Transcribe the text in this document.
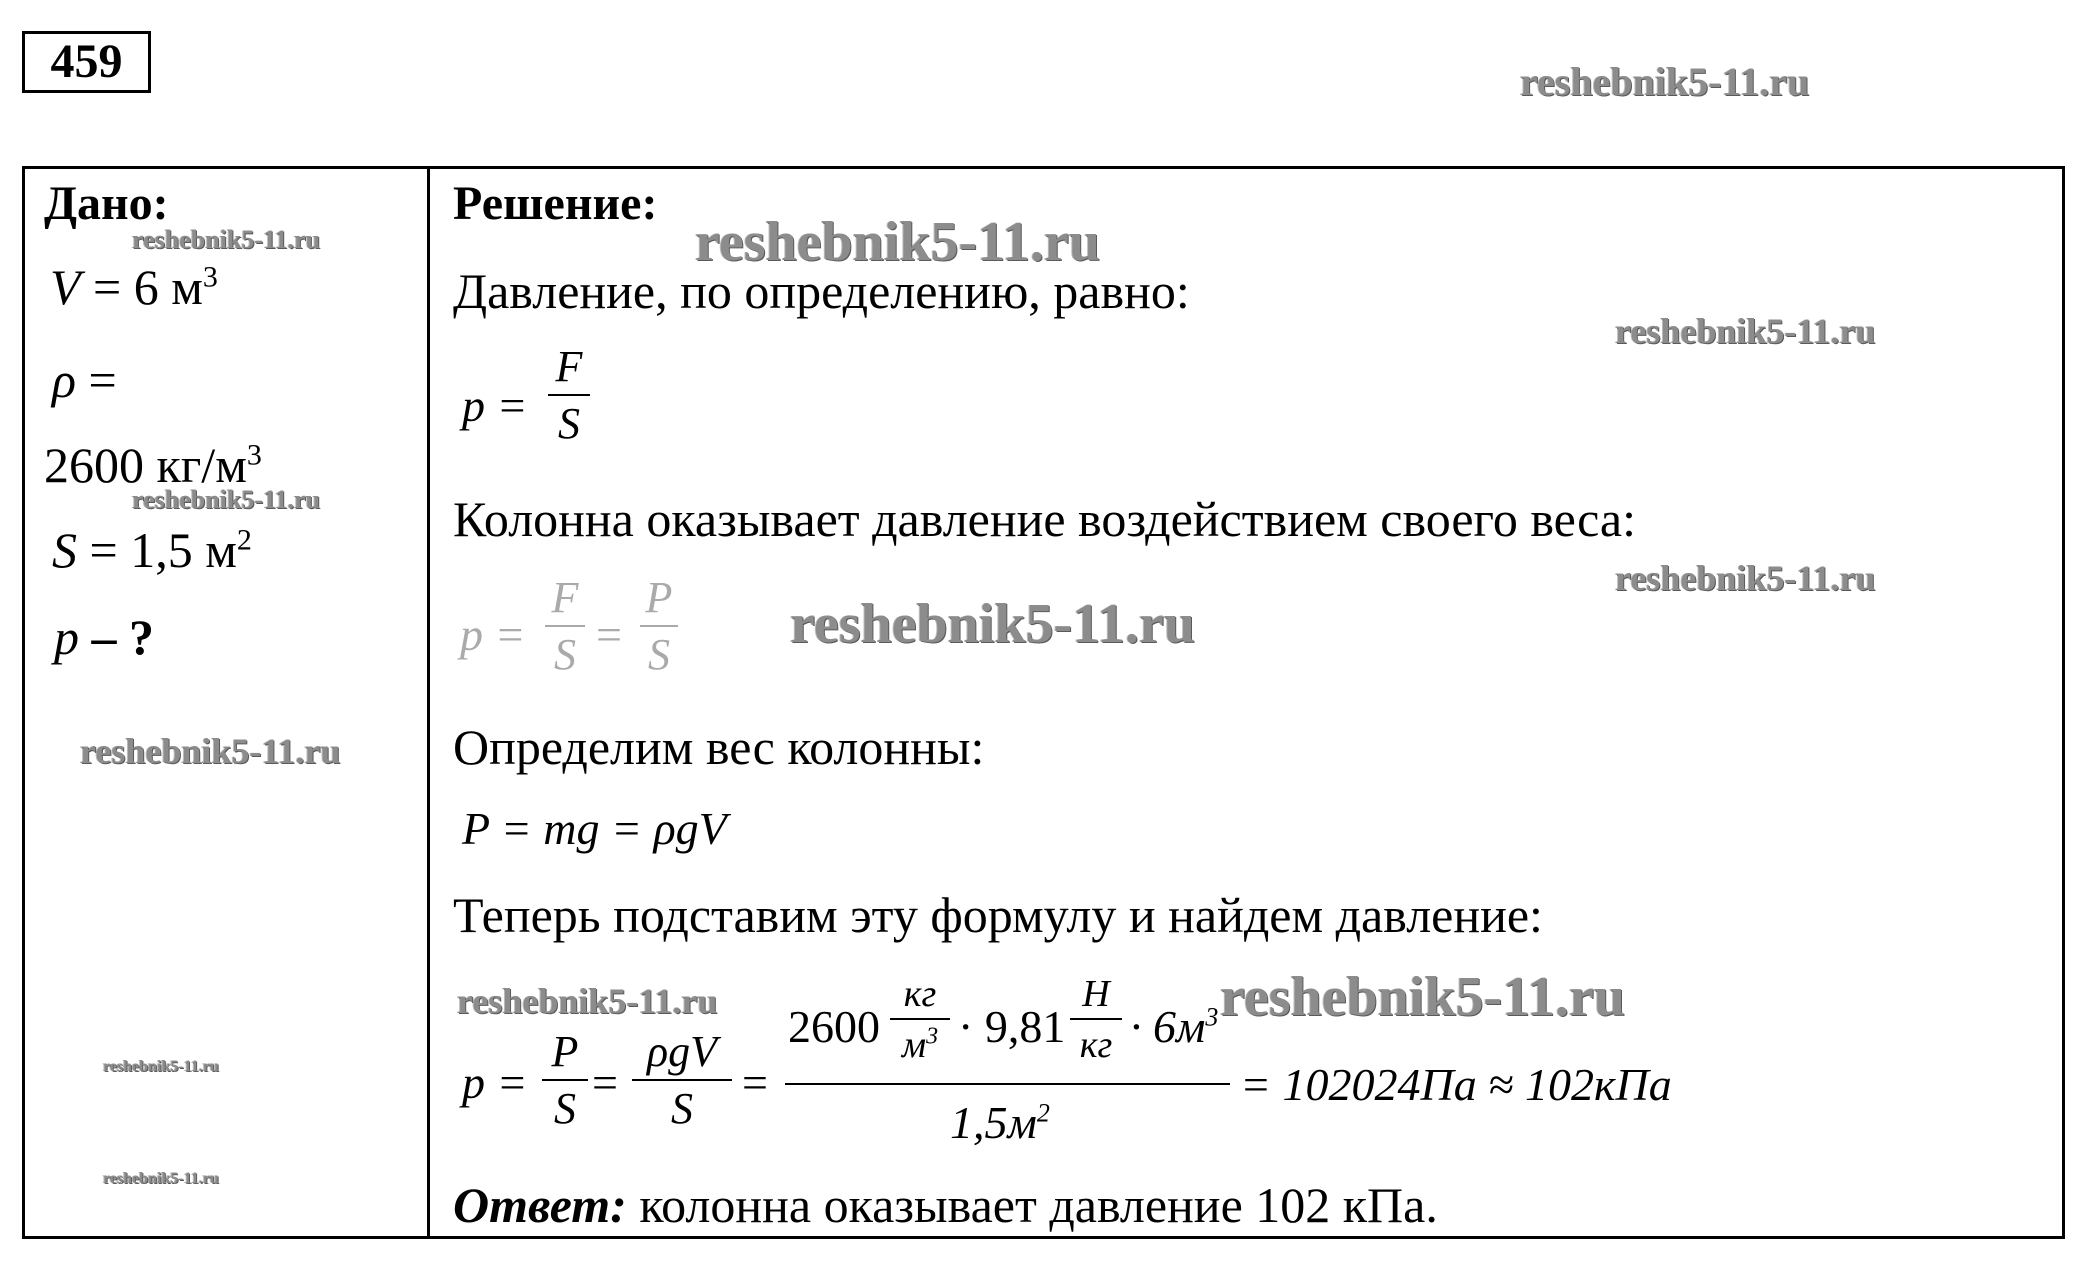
459	reshebnik5-11.ru
reshebnik5-11.ru
reshebnik5-11.ru
reshebnik5-11.ru
reshebnik5-11.ru
reshebnik5-11.ru
reshebnik5-11.ru
reshebnik5-11.ru
reshebnik5-11.ru
reshebnik5-11.ru
reshebnik5-11.ru
reshebnik5-11.ru
Дано:
V = 6 $м^3$
ρ =
2600 $кг/м^3$
S = 1,5 $м^2$
p – ?
Решение:
Давление, по определению, равно:
p =
F
S
Колонна оказывает давление воздействием своего веса:
p =
F
S =
P
S
Определим вес колонны:
P = mg = ρgV
Теперь подставим эту формулу и найдем давление:
p =
P
S
=
ρgV
S
=
2600
кг
$м^3 \cdot 9,81$
Н
кг · $6м^3$
$1,5м^2$
= 102024Па ≈ 102кПа
Ответ: колонна оказывает давление 102 кПа.
